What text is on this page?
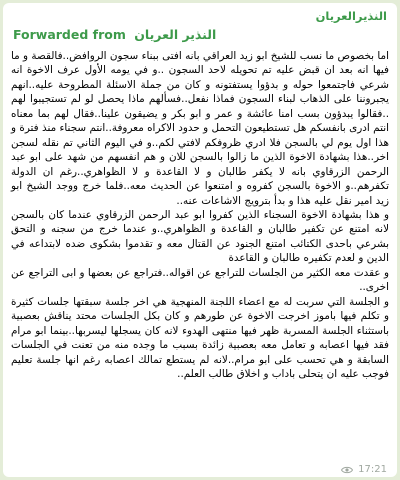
النذيرالعريان
Forwarded from النذير العريان
اما بخصوص ما نسب للشيخ ابو زيد العراقي بانه افتى ببناء سجون الروافض..فالقصة و ما فيها انه بعد ان قبض عليه تم تحويله لاحد السجون ..و في يومه الأول عرف الاخوة انه شرعي فاجتمعوا حوله و بدؤوا يستفتونه و كان من جملة الاسئلة المطروحة عليه..انهم يجبروننا على الذهاب لبناء السجون فماذا نفعل..فسألهم ماذا يحصل لو لم تستجيبوا لهم ..فقالوا يبدؤون بسب امنا عائشة و عمر و ابو بكر و يضيقون علينا..فقال لهم بما معناه انتم ادرى بانفسكم هل تستطيعون التحمل و حدود الاكراه معروفة..انتم سجناء منذ فترة و هذا اول يوم لي بالسجن فلا ادري ظروفكم لافتي لكم..و في اليوم الثاني تم نقله لسجن اخر..هذا بشهادة الاخوة الذين ما زالوا بالسجن للان و هم انفسهم من شهد على ابو عبد الرحمن الزرقاوي بانه لا يكفر طالبان و لا القاعدة و لا الظواهري..رغم ان الدولة تكفرهم..و الاخوة بالسجن كفروه و امتنعوا عن الحديث معه..فلما خرج ووجد الشيخ ابو زيد امير نقل عليه هذا و بدأ بترويج الاشاعات عنه..
و هذا بشهادة الاخوة السجناء الذين كفروا ابو عبد الرحمن الزرقاوي عندما كان بالسجن لانه امتنع عن تكفير طالبان و القاعدة و الظواهري..و عندما خرج من سجنه و التحق بشرعي باحدى الكتائب امتنع الجنود عن القتال معه و تقدموا بشكوى ضده لابتداعه في الدين و لعدم تكفيره طالبان و القاعدة
و عقدت معه الكثير من الجلسات للتراجع عن اقواله..فتراجع عن بعضها و ابى التراجع عن اخرى..
و الجلسة التي سربت له مع اعضاء اللجنة المنهجية هي اخر جلسة سبقتها جلسات كثيرة و تكلم فيها باموز اخرجت الاخوة عن طورهم و كان بكل الجلسات محتد يناقش بعصبية باستثناء الجلسة المسربة ظهر فيها منتهى الهدوء لانه كان يسجلها ليسربها..بينما ابو مرام فقد فيها اعصابه و تعامل معه بعصبية زائدة بسبب ما وجده منه من تعنت في الجلسات السابقة و هي تحسب على ابو مرام..لانه لم يستطع تمالك اعصابه رغم انها جلسة تعليم فوجب عليه ان يتحلى باداب و اخلاق طالب العلم..
17:21
